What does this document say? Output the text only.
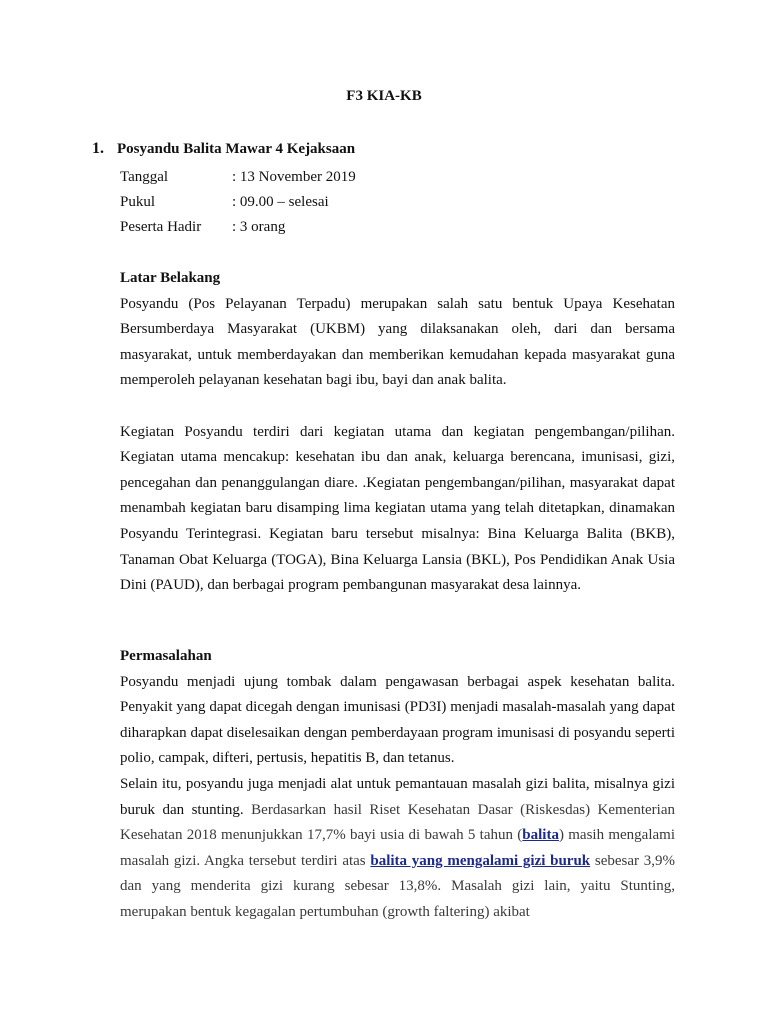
F3 KIA-KB
1. Posyandu Balita Mawar 4 Kejaksaan
Tanggal	: 13 November 2019
Pukul	: 09.00 – selesai
Peserta Hadir : 3 orang
Latar Belakang

Posyandu (Pos Pelayanan Terpadu) merupakan salah satu bentuk Upaya Kesehatan Bersumberdaya Masyarakat (UKBM) yang dilaksanakan oleh, dari dan bersama masyarakat, untuk memberdayakan dan memberikan kemudahan kepada masyarakat guna memperoleh pelayanan kesehatan bagi ibu, bayi dan anak balita.

Kegiatan Posyandu terdiri dari kegiatan utama dan kegiatan pengembangan/pilihan. Kegiatan utama mencakup: kesehatan ibu dan anak, keluarga berencana, imunisasi, gizi, pencegahan dan penanggulangan diare. .Kegiatan pengembangan/pilihan, masyarakat dapat menambah kegiatan baru disamping lima kegiatan utama yang telah ditetapkan, dinamakan Posyandu Terintegrasi. Kegiatan baru tersebut misalnya: Bina Keluarga Balita (BKB), Tanaman Obat Keluarga (TOGA), Bina Keluarga Lansia (BKL), Pos Pendidikan Anak Usia Dini (PAUD), dan berbagai program pembangunan masyarakat desa lainnya.

Permasalahan

Posyandu menjadi ujung tombak dalam pengawasan berbagai aspek kesehatan balita. Penyakit yang dapat dicegah dengan imunisasi (PD3I) menjadi masalah-masalah yang dapat diharapkan dapat diselesaikan dengan pemberdayaan program imunisasi di posyandu seperti polio, campak, difteri, pertusis, hepatitis B, dan tetanus.

Selain itu, posyandu juga menjadi alat untuk pemantauan masalah gizi balita, misalnya gizi buruk dan stunting. Berdasarkan hasil Riset Kesehatan Dasar (Riskesdas) Kementerian Kesehatan 2018 menunjukkan 17,7% bayi usia di bawah 5 tahun (balita) masih mengalami masalah gizi. Angka tersebut terdiri atas balita yang mengalami gizi buruk sebesar 3,9% dan yang menderita gizi kurang sebesar 13,8%. Masalah gizi lain, yaitu Stunting, merupakan bentuk kegagalan pertumbuhan (growth faltering) akibat
